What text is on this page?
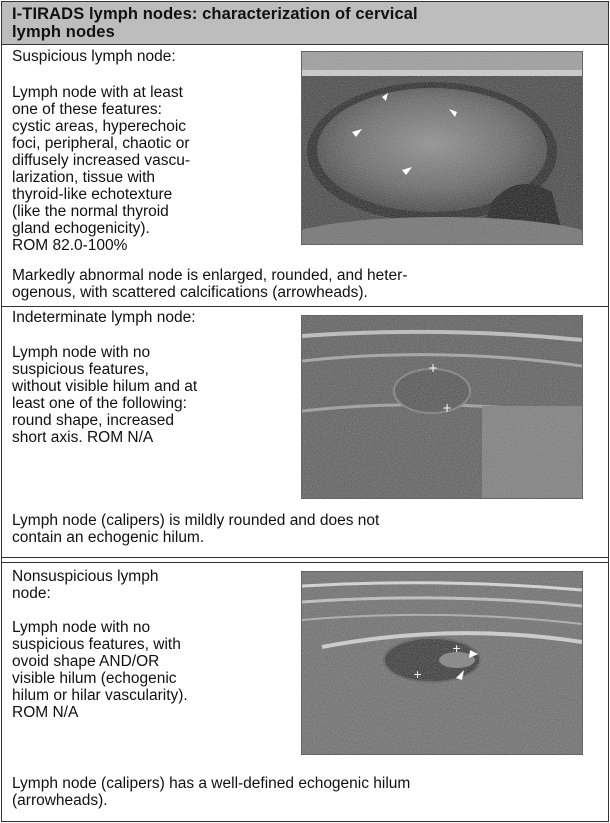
I-TIRADS lymph nodes: characterization of cervical
lymph nodes
Suspicious lymph node:
Lymph node with at least
one of these features:
cystic areas, hyperechoic
foci, peripheral, chaotic or
diffusely increased vascu-
larization, tissue with
thyroid-like echotexture
(like the normal thyroid
gland echogenicity).
ROM 82.0-100%
Markedly abnormal node is enlarged, rounded, and heter-
ogenous, with scattered calcifications (arrowheads).
Indeterminate lymph node:
Lymph node with no
suspicious features,
without visible hilum and at
least one of the following:
round shape, increased
short axis. ROM N/A
+
+
Lymph node (calipers) is mildly rounded and does not
contain an echogenic hilum.
Nonsuspicious lymph
node:
Lymph node with no
suspicious features, with
ovoid shape AND/OR
visible hilum (echogenic
hilum or hilar vascularity).
ROM N/A
+
+
Lymph node (calipers) has a well-defined echogenic hilum
(arrowheads).
